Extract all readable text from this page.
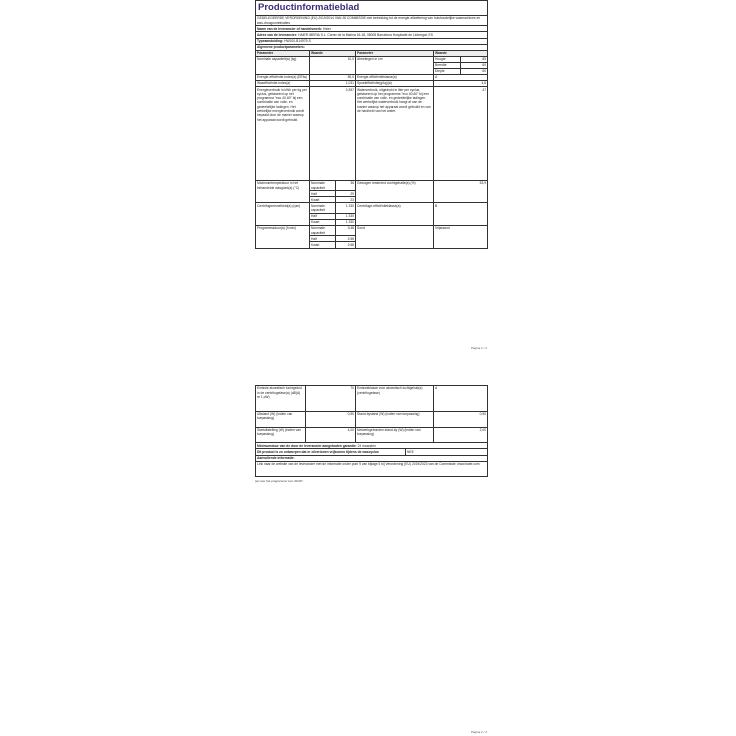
Productinformatieblad
GEDELEGEERDE VERORDENING (EU) 2019/2014 VAN 28 COMMISSIE met betrekking tot de energie-etikettering van huishoudelijke wasmachines en was-droogcombinaties
Naam van de leverancier of handelsmerk: Haier
Adres van de leverancier: HAIER IBERIA S.L. Carrer de la Marina 16-18, 08005 Barcelona Hospitalet de Llobregat, ES
Typeaanduiding: HW100-B14979-S
Algemene productparameters:
Parameter	Waarde	Parameter	Waarde
Nominale capaciteit(a) (kg)	10,0	Afmetingen in cm		Hoogte	85

Breedte	60

Diepte	60

Energie-efficiëntie-index(a) (EEIw)	50,0	Energie-efficiëntieklasse(a)	A
Wasefficiëntie-index(a)	1,031	Spoelefficiëntie(g/kg)(a)	4,8
Energieverbruik in kWh per kg per cyclus, gebaseerd op het programma "eco 40-60" bij een combinatie van volle- en gedeeltelijke ladingen. Het werkelijke energieverbruik wordt bepaald door de manier waarop het apparaat wordt gebruikt.	0,357	Waterverbruik, uitgedrukt in liter per cyclus, gebaseerd op het programma "eco 40-60" bij een combinatie van volle- en gedeeltelijke ladingen. Het werkelijke waterverbruik hangt af van de manier waarop het apparaat wordt gebruikt en van de hardheid van het water.	47
Maximumtemperatuur in het behandelde wasgoed(a) (°C)	Nominale capaciteit	36	Gewogen resterend vochtgehalte(a) (%)	53,9
Half	29
Kwart	23
Centrifugeersnelheid(a) (rpm)	Nominale capaciteit	1 330	Centrifuge-efficiëntieklasse(a)	B
Half	1 330
Kwart	1 330
Programmaduur(a) (h:min)	Nominale capaciteit	3:48	Soort	Vrijstaand
Half	2:58
Kwart	2:58
Pagina 1 / 2
Emissie akoestisch luchtgeluid in de centrifugefase(a) (dB(A) re 1 pW)	70	Emissieklasse voor akoestisch luchtgeluid(a) (centrifugefase)		A
Uitstand (W) (indien van toepassing)	0,50	Stand-bystand (W) (indien van toepassing)		0,50
Startuitstelling (W) (indien van toepassing)	4,00	Netwerkgebonden stand-by (W) (indien van toepassing)		2,00
Minimumduur van de door de leverancier aangeboden garantie: 24 maanden				
Dit product is zo ontworpen dat er zilverionen vrijkomen tijdens de wascyclus			NEE	
Aanvullende informatie:				
Link naar de website van de leverancier met de informatie onder punt 9 van bijlage II bij Verordening (EU) 2019/2023 van de Commissie: www.haier.com				
(a) voor het programma "eco 40-60".
Pagina 2 / 2
